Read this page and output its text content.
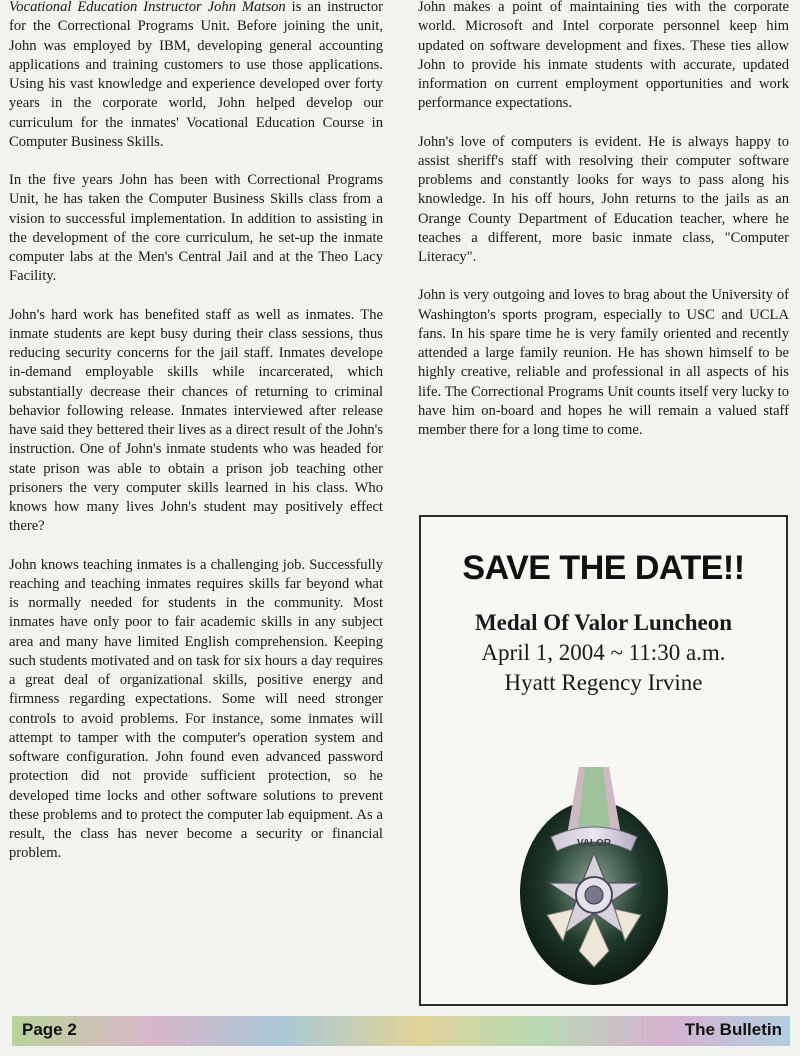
Vocational Education Instructor John Matson is an instructor for the Correctional Programs Unit. Before joining the unit, John was employed by IBM, developing general accounting applications and training customers to use those applications. Using his vast knowledge and experience developed over forty years in the corporate world, John helped develop our curriculum for the inmates' Vocational Education Course in Computer Business Skills.

In the five years John has been with Correctional Programs Unit, he has taken the Computer Business Skills class from a vision to successful implementation. In addition to assisting in the development of the core curriculum, he set-up the inmate computer labs at the Men's Central Jail and at the Theo Lacy Facility.

John's hard work has benefited staff as well as inmates. The inmate students are kept busy during their class sessions, thus reducing security concerns for the jail staff. Inmates develope in-demand employable skills while incarcerated, which substantially decrease their chances of returning to criminal behavior following release. Inmates interviewed after release have said they bettered their lives as a direct result of the John's instruction. One of John's inmate students who was headed for state prison was able to obtain a prison job teaching other prisoners the very computer skills learned in his class. Who knows how many lives John's student may positively effect there?

John knows teaching inmates is a challenging job. Successfully reaching and teaching inmates requires skills far beyond what is normally needed for students in the community. Most inmates have only poor to fair academic skills in any subject area and many have limited English comprehension. Keeping such students motivated and on task for six hours a day requires a great deal of organizational skills, positive energy and firmness regarding expectations. Some will need stronger controls to avoid problems. For instance, some inmates will attempt to tamper with the computer's operation system and software configuration. John found even advanced password protection did not provide sufficient protection, so he developed time locks and other software solutions to prevent these problems and to protect the computer lab equipment. As a result, the class has never become a security or financial problem.

John makes a point of maintaining ties with the corporate world. Microsoft and Intel corporate personnel keep him updated on software development and fixes. These ties allow John to provide his inmate students with accurate, updated information on current employment opportunities and work performance expectations.

John's love of computers is evident. He is always happy to assist sheriff's staff with resolving their computer software problems and constantly looks for ways to pass along his knowledge. In his off hours, John returns to the jails as an Orange County Department of Education teacher, where he teaches a different, more basic inmate class, "Computer Literacy".

John is very outgoing and loves to brag about the University of Washington's sports program, especially to USC and UCLA fans. In his spare time he is very family oriented and recently attended a large family reunion. He has shown himself to be highly creative, reliable and professional in all aspects of his life. The Correctional Programs Unit counts itself very lucky to have him on-board and hopes he will remain a valued staff member there for a long time to come.

SAVE THE DATE!!
Medal Of Valor Luncheon
April 1, 2004 ~ 11:30 a.m.
Hyatt Regency Irvine
VALOR
Page 2	The Bulletin
